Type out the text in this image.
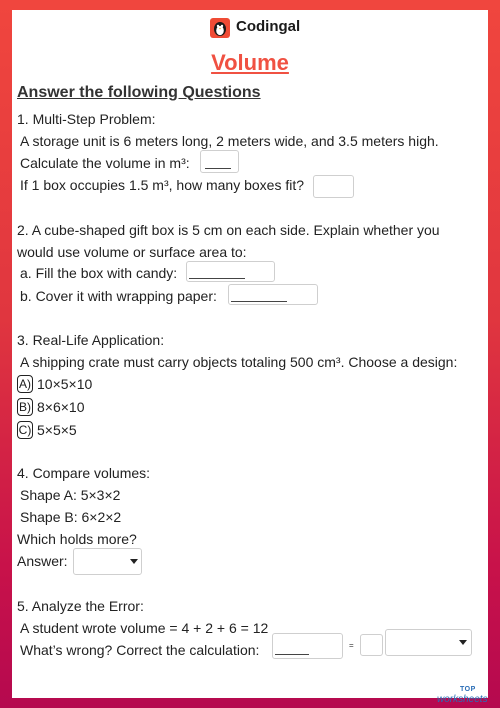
Codingal
Volume
Answer the following Questions
1. Multi-Step Problem:
A storage unit is 6 meters long, 2 meters wide, and 3.5 meters high.
Calculate the volume in m³:
If 1 box occupies 1.5 m³, how many boxes fit?
2. A cube-shaped gift box is 5 cm on each side. Explain whether you
would use volume or surface area to:
a. Fill the box with candy:
b. Cover it with wrapping paper:
3. Real-Life Application:
A shipping crate must carry objects totaling 500 cm³. Choose a design:
A) 10×5×10
B) 8×6×10
C) 5×5×5
4. Compare volumes:
Shape A: 5×3×2
Shape B: 6×2×2
Which holds more?
Answer:
5. Analyze the Error:
A student wrote volume = 4 + 2 + 6 = 12
What’s wrong? Correct the calculation:	=
TOP
worksheets
